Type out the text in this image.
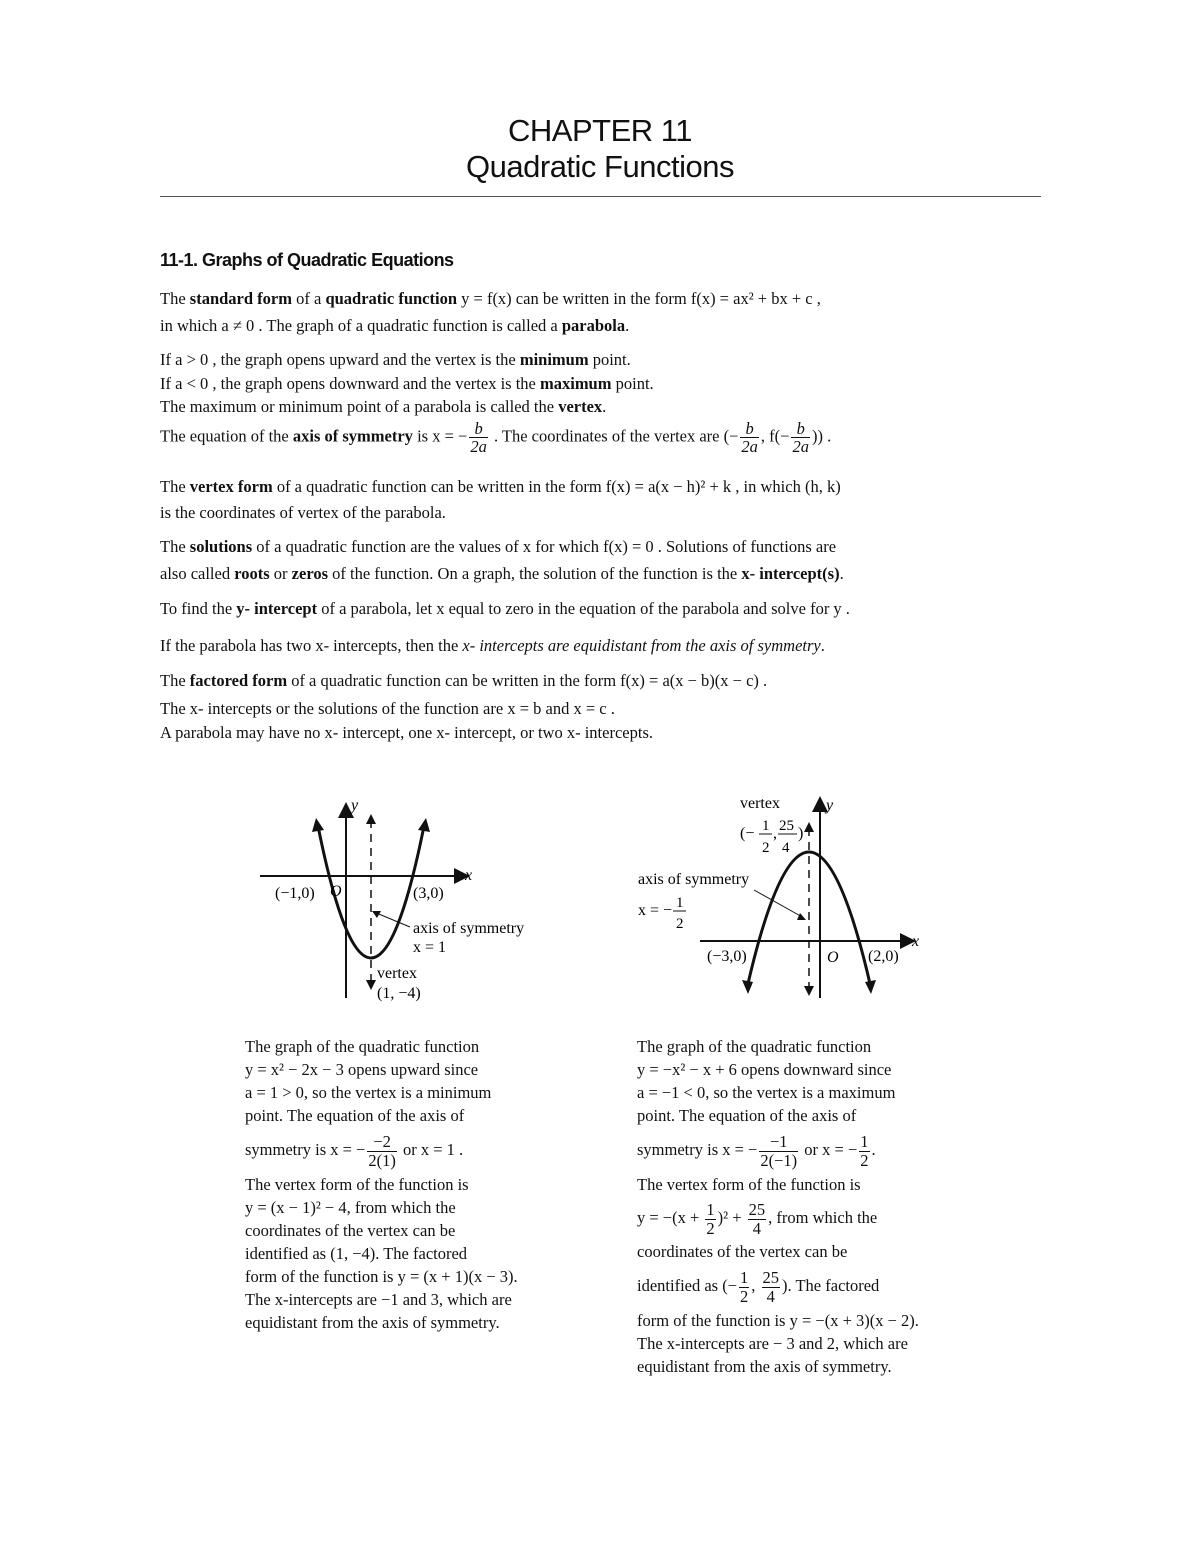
CHAPTER 11
Quadratic Functions
11-1. Graphs of Quadratic Equations
The standard form of a quadratic function y = f(x) can be written in the form f(x) = ax² + bx + c ,
in which a ≠ 0 . The graph of a quadratic function is called a parabola.
If a > 0 , the graph opens upward and the vertex is the minimum point.
If a < 0 , the graph opens downward and the vertex is the maximum point.
The maximum or minimum point of a parabola is called the vertex.
The equation of the axis of symmetry is x = − $\frac{b}{2a}$ . The coordinates of the vertex are (− $\frac{b}{2a}$ , $f(- \frac{b}{2a}$ )) .
The vertex form of a quadratic function can be written in the form f(x) = a(x − h)² + k , in which (h, k)
is the coordinates of vertex of the parabola.
The solutions of a quadratic function are the values of x for which f(x) = 0 . Solutions of functions are
also called roots or zeros of the function. On a graph, the solution of the function is the x- intercept(s).
To find the y- intercept of a parabola, let x equal to zero in the equation of the parabola and solve for y .
If the parabola has two x- intercepts, then the x- intercepts are equidistant from the axis of symmetry.
The factored form of a quadratic function can be written in the form f(x) = a(x − b)(x − c) .
The x- intercepts or the solutions of the function are x = b and x = c .
A parabola may have no x- intercept, one x- intercept, or two x- intercepts.
x
y
O
(−1,0)	(3,0)
axis of symmetry
x = 1
vertex
(1, −4)
x
y
O
(−3,0)	(2,0)
vertex
(− 1
2
, 25
4
)
axis of symmetry
x = − 1
2
The graph of the quadratic function
y = x² − 2x − 3 opens upward since
a = 1 > 0, so the vertex is a minimum
point. The equation of the axis of
symmetry is x = − $\frac{-2}{2(1)}$ or x = 1 .
The vertex form of the function is
y = (x − 1)² − 4, from which the
coordinates of the vertex can be
identified as (1, −4). The factored
form of the function is y = (x + 1)(x − 3).
The x-intercepts are −1 and 3, which are
equidistant from the axis of symmetry.
The graph of the quadratic function
y = −x² − x + 6 opens downward since
a = −1 < 0, so the vertex is a maximum
point. The equation of the axis of
symmetry is x = − $\frac{-1}{2(-1)}$ or x = − $\frac{1}{2}$ .
The vertex form of the function is
$y = -(x + \frac{1}{2} )^2 + \frac{25}{4}$ , from which the
coordinates of the vertex can be
identified as (− $\frac{1}{2}$ , $\frac{25}{4}$ ). The factored
form of the function is y = −(x + 3)(x − 2).
The x-intercepts are − 3 and 2, which are
equidistant from the axis of symmetry.
